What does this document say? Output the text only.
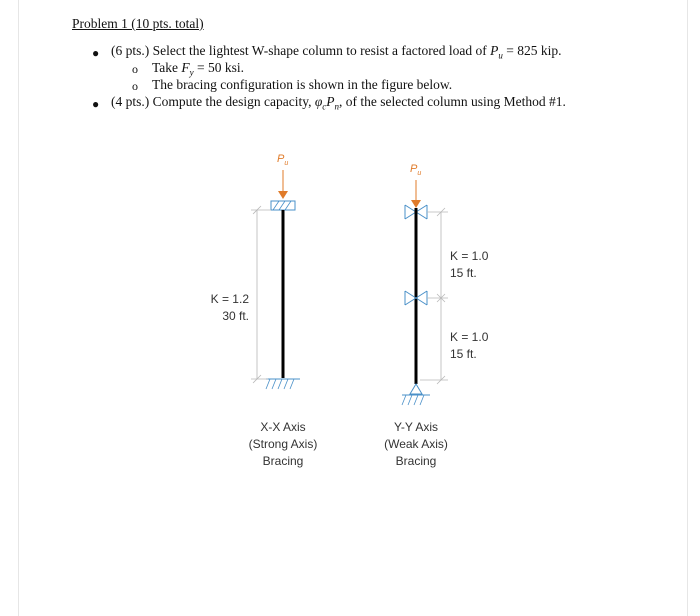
Problem 1 (10 pts. total)
● (6 pts.) Select the lightest W-shape column to resist a factored load of $P_u = 825$ kip.
o Take $F_y = 50$ ksi.
o The bracing configuration is shown in the figure below.
● (4 pts.) Compute the design capacity, $\varphi_cP_n$, of the selected column using Method #1.
$P_u$
K = 1.2
30 ft.
X-X Axis
(Strong Axis)
Bracing
$P_u$
K = 1.0
15 ft.
K = 1.0
15 ft.
Y-Y Axis
(Weak Axis)
Bracing
